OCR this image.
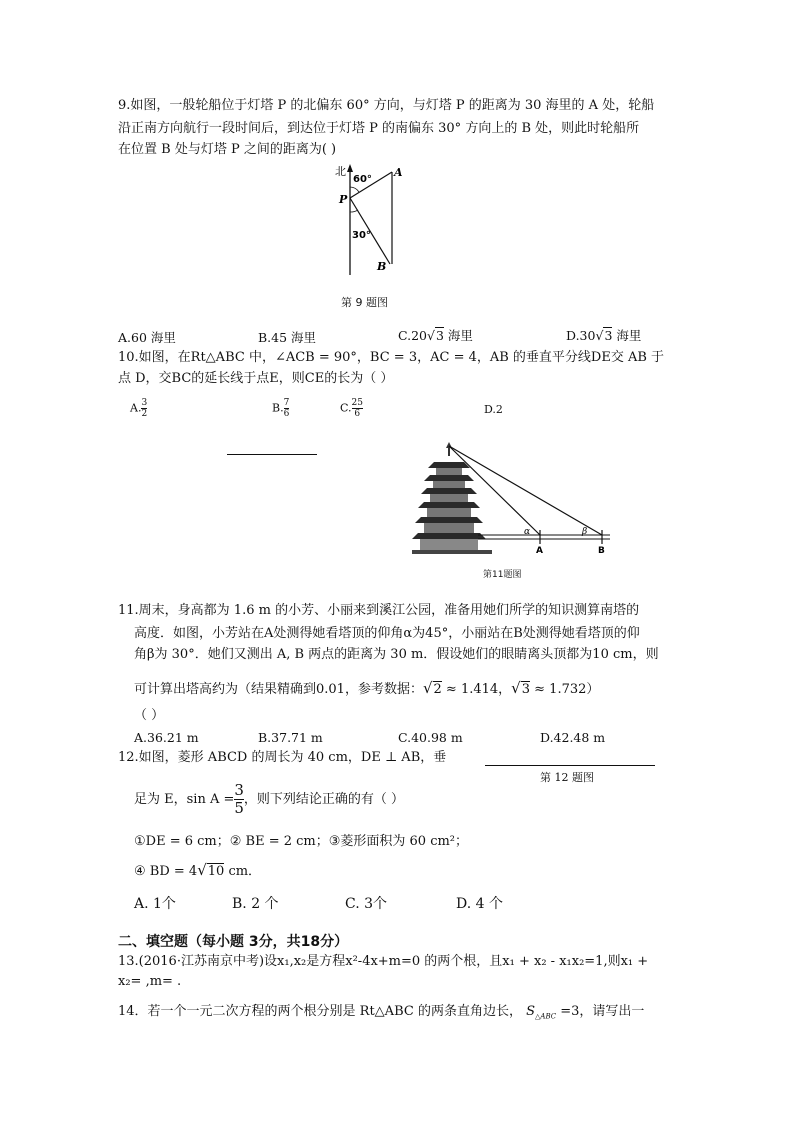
9.如图，一般轮船位于灯塔 P 的北偏东 60° 方向，与灯塔 P 的距离为 30 海里的 A 处，轮船
沿正南方向航行一段时间后，到达位于灯塔 P 的南偏东 30° 方向上的 B 处，则此时轮船所
在位置 B 处与灯塔 P 之间的距离为( )
北
60°
A
P
30°
B
第 9 题图
A.60 海里	B.45 海里	C.20√3 海里	D.30√3 海里
10.如图，在Rt△ABC 中，∠ACB = 90°，BC = 3，AC = 4，AB 的垂直平分线DE交 AB 于
点 D，交BC的延长线于点E，则CE的长为（ ）
A. $\frac{3}{2}$	B. $\frac{7}{6}$	C. $\frac{25}{6}$	D.2
α	β
A	B
第11题图
11.周末，身高都为 1.6 m 的小芳、小丽来到溪江公园，准备用她们所学的知识测算南塔的
高度．如图，小芳站在A处测得她看塔顶的仰角α为45°，小丽站在B处测得她看塔顶的仰
角β为 30°．她们又测出 A, B 两点的距离为 30 m．假设她们的眼睛离头顶都为10 cm，则
可计算出塔高约为（结果精确到0.01，参考数据：√2 ≈ 1.414，√3 ≈ 1.732）
（ ）
A.36.21 m	B.37.71 m	C.40.98 m	D.42.48 m
12.如图，菱形 ABCD 的周长为 40 cm，DE ⊥ AB，垂
第 12 题图
足为 E，$\sin A = \frac{3}{5}$ ，则下列结论正确的有（ ）
①DE = 6 cm；② BE = 2 cm；③菱形面积为 60 cm²；
④ BD = 4√10 cm．
A. 1个	B. 2 个	C. 3个	D. 4 个
二、填空题（每小题 3分，共18分）
13.(2016·江苏南京中考)设x₁,x₂是方程x²-4x+m=0 的两个根，且x₁ + x₂ - x₁x₂=1,则x₁ +
x₂= ,m= .
14．若一个一元二次方程的两个根分别是 Rt△ABC 的两条直角边长， $S_{\triangle ABC} =3$，请写出一
